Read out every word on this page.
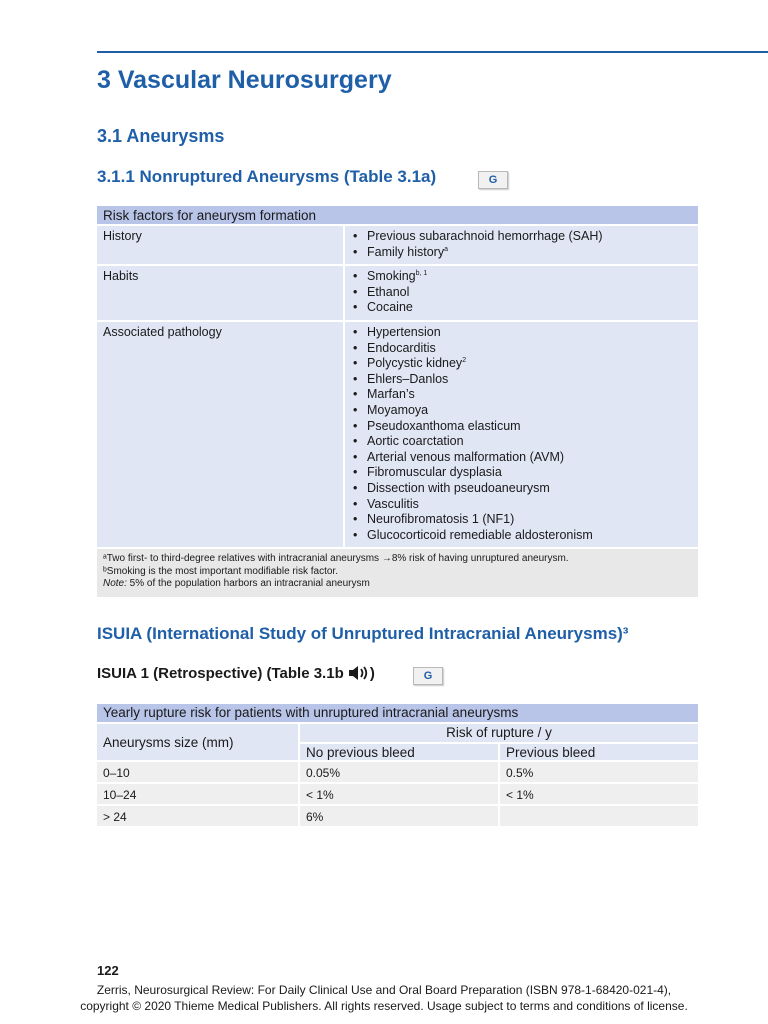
3 Vascular Neurosurgery
3.1 Aneurysms
3.1.1 Nonruptured Aneurysms (Table 3.1a)	G
Risk factors for aneurysm formation
History	• Previous subarachnoid hemorrhage (SAH)
• Family history$^a$
Habits	• Smoking$^{b, 1}$
• Ethanol
• Cocaine
Associated pathology	• Hypertension
• Endocarditis
• Polycystic kidney$^2$
• Ehlers–Danlos
• Marfan’s
• Moyamoya
• Pseudoxanthoma elasticum
• Aortic coarctation
• Arterial venous malformation (AVM)
• Fibromuscular dysplasia
• Dissection with pseudoaneurysm
• Vasculitis
• Neurofibromatosis 1 (NF1)
• Glucocorticoid remediable aldosteronism
ᵃTwo first- to third-degree relatives with intracranial aneurysms →8% risk of having unruptured aneurysm.
ᵇSmoking is the most important modifiable risk factor.
Note: 5% of the population harbors an intracranial aneurysm
ISUIA (International Study of Unruptured Intracranial Aneurysms)³
ISUIA 1 (Retrospective) (Table 3.1b )	G
Yearly rupture risk for patients with unruptured intracranial aneurysms
Aneurysms size (mm)
Risk of rupture / y
No previous bleed	Previous bleed
0–10	0.05%	0.5%
10–24	< 1%	< 1%
> 24	6%
122
Zerris, Neurosurgical Review: For Daily Clinical Use and Oral Board Preparation (ISBN 978-1-68420-021-4),
copyright © 2020 Thieme Medical Publishers. All rights reserved. Usage subject to terms and conditions of license.
